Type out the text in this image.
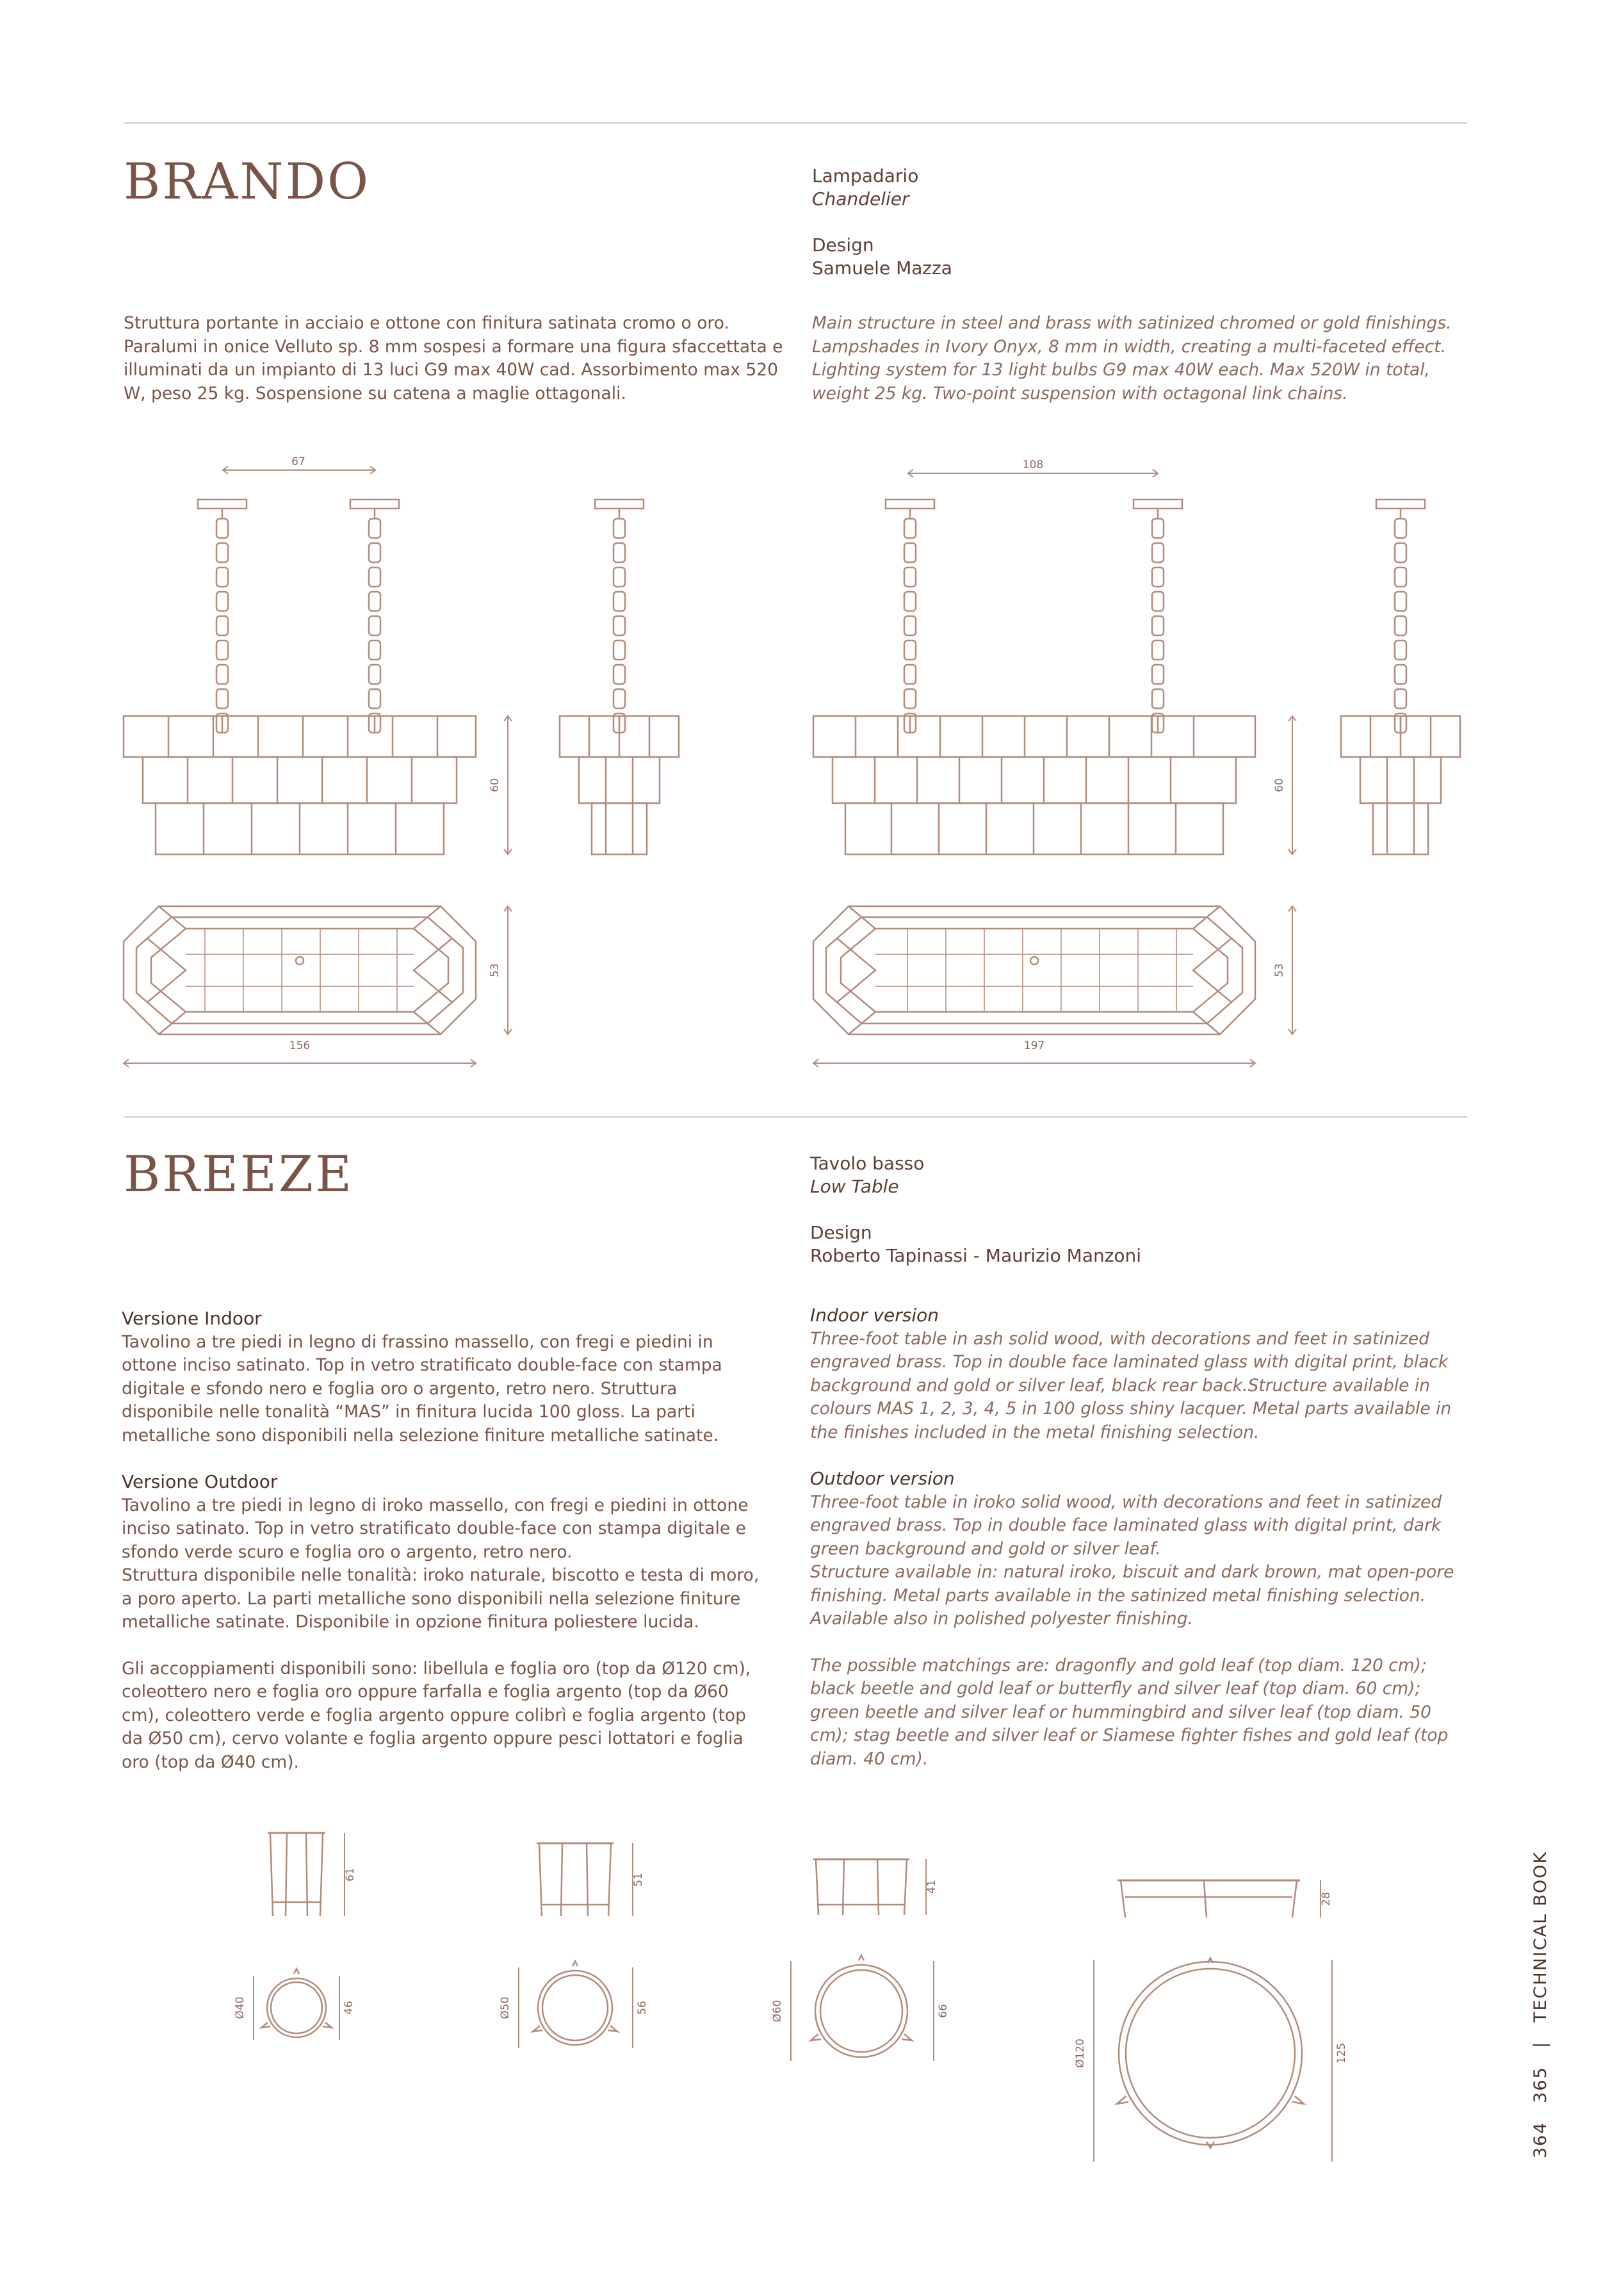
BRANDO	Lampadario
Chandelier
Design
Samuele Mazza
Struttura portante in acciaio e ottone con finitura satinata cromo o oro.
Paralumi in onice Velluto sp. 8 mm sospesi a formare una figura sfaccettata e
illuminati da un impianto di 13 luci G9 max 40W cad. Assorbimento max 520
W, peso 25 kg. Sospensione su catena a maglie ottagonali.
Main structure in steel and brass with satinized chromed or gold finishings.
Lampshades in Ivory Onyx, 8 mm in width, creating a multi-faceted effect.
Lighting system for 13 light bulbs G9 max 40W each. Max 520W in total,
weight 25 kg. Two-point suspension with octagonal link chains.
BREEZE	Tavolo basso
Low Table
Design
Roberto Tapinassi - Maurizio Manzoni
Versione Indoor
Tavolino a tre piedi in legno di frassino massello, con fregi e piedini in
ottone inciso satinato. Top in vetro stratificato double-face con stampa
digitale e sfondo nero e foglia oro o argento, retro nero. Struttura
disponibile nelle tonalità “MAS” in finitura lucida 100 gloss. La parti
metalliche sono disponibili nella selezione finiture metalliche satinate.
Versione Outdoor
Tavolino a tre piedi in legno di iroko massello, con fregi e piedini in ottone
inciso satinato. Top in vetro stratificato double-face con stampa digitale e
sfondo verde scuro e foglia oro o argento, retro nero.
Struttura disponibile nelle tonalità: iroko naturale, biscotto e testa di moro,
a poro aperto. La parti metalliche sono disponibili nella selezione finiture
metalliche satinate. Disponibile in opzione finitura poliestere lucida.
Gli accoppiamenti disponibili sono: libellula e foglia oro (top da Ø120 cm),
coleottero nero e foglia oro oppure farfalla e foglia argento (top da Ø60
cm), coleottero verde e foglia argento oppure colibrì e foglia argento (top
da Ø50 cm), cervo volante e foglia argento oppure pesci lottatori e foglia
oro (top da Ø40 cm).
Indoor version
Three-foot table in ash solid wood, with decorations and feet in satinized
engraved brass. Top in double face laminated glass with digital print, black
background and gold or silver leaf, black rear back.Structure available in
colours MAS 1, 2, 3, 4, 5 in 100 gloss shiny lacquer. Metal parts available in
the finishes included in the metal finishing selection.
Outdoor version
Three-foot table in iroko solid wood, with decorations and feet in satinized
engraved brass. Top in double face laminated glass with digital print, dark
green background and gold or silver leaf.
Structure available in: natural iroko, biscuit and dark brown, mat open-pore
finishing. Metal parts available in the satinized metal finishing selection.
Available also in polished polyester finishing.
The possible matchings are: dragonfly and gold leaf (top diam. 120 cm);
black beetle and gold leaf or butterfly and silver leaf (top diam. 60 cm);
green beetle and silver leaf or hummingbird and silver leaf (top diam. 50
cm); stag beetle and silver leaf or Siamese fighter fishes and gold leaf (top
diam. 40 cm).
67
60
53
156
108
60
53
197
61
Ø40	46
51
Ø50	56
41
Ø60	66
28
Ø120	125
364 365 | TECHNICAL BOOK
